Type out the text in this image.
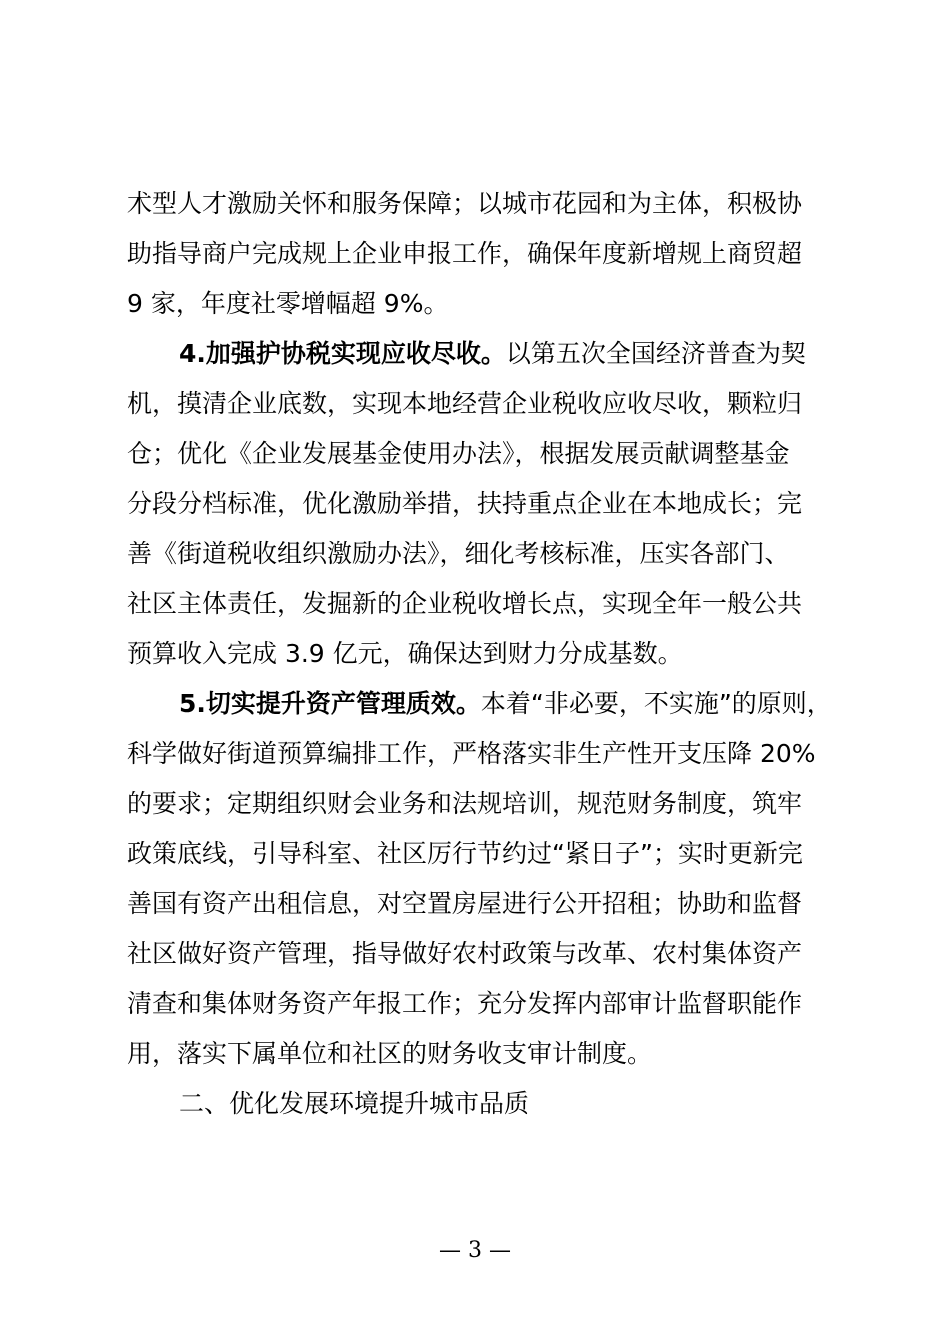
术型人才激励关怀和服务保障；以城市花园和为主体，积极协
助指导商户完成规上企业申报工作，确保年度新增规上商贸超
9 家，年度社零增幅超 9%。
4.加强护协税实现应收尽收。以第五次全国经济普查为契
机，摸清企业底数，实现本地经营企业税收应收尽收，颗粒归
仓；优化《企业发展基金使用办法》，根据发展贡献调整基金
分段分档标准，优化激励举措，扶持重点企业在本地成长；完
善《街道税收组织激励办法》，细化考核标准，压实各部门、
社区主体责任，发掘新的企业税收增长点，实现全年一般公共
预算收入完成 3.9 亿元，确保达到财力分成基数。
5.切实提升资产管理质效。本着“非必要，不实施”的原则，
科学做好街道预算编排工作，严格落实非生产性开支压降 20%
的要求；定期组织财会业务和法规培训，规范财务制度，筑牢
政策底线，引导科室、社区厉行节约过“紧日子”；实时更新完
善国有资产出租信息，对空置房屋进行公开招租；协助和监督
社区做好资产管理，指导做好农村政策与改革、农村集体资产
清查和集体财务资产年报工作；充分发挥内部审计监督职能作
用，落实下属单位和社区的财务收支审计制度。
二、优化发展环境提升城市品质
— 3 —
